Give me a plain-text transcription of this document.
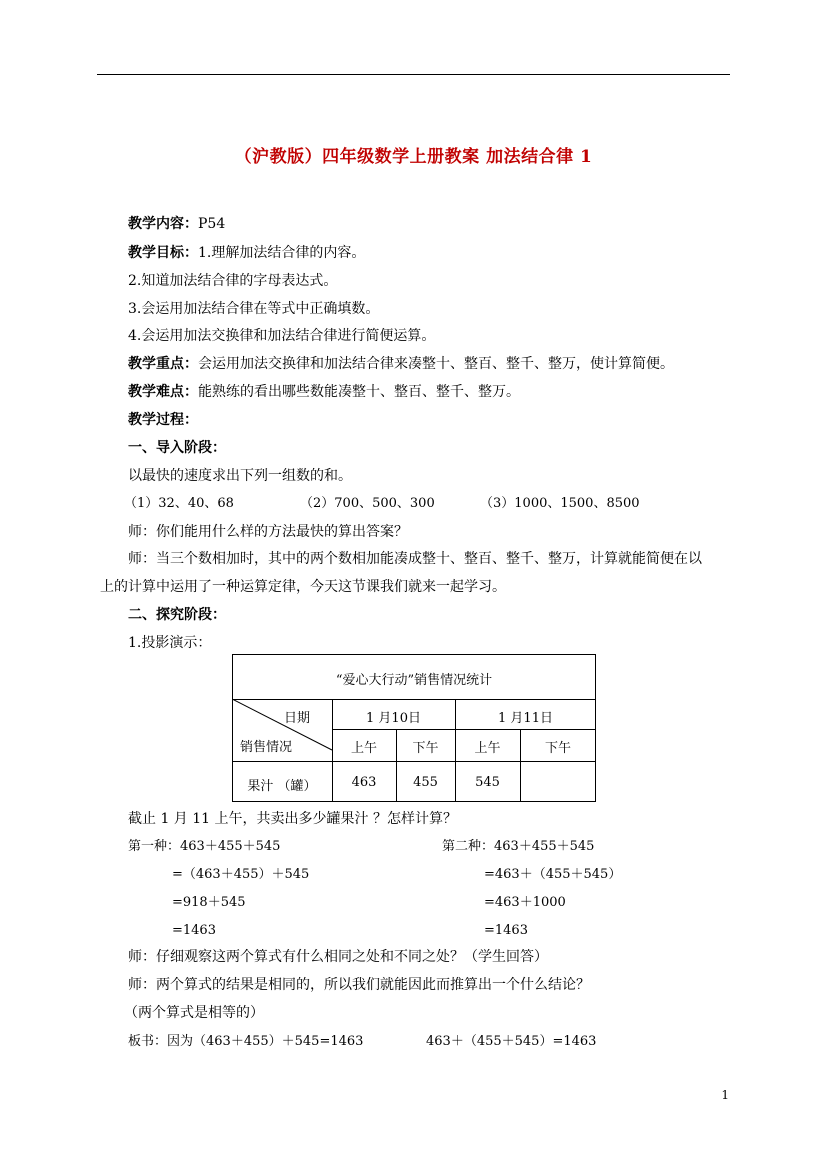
（沪教版）四年级数学上册教案 加法结合律 1
教学内容：P54
教学目标：1.理解加法结合律的内容。
2.知道加法结合律的字母表达式。
3.会运用加法结合律在等式中正确填数。
4.会运用加法交换律和加法结合律进行简便运算。
教学重点：会运用加法交换律和加法结合律来凑整十、整百、整千、整万，使计算简便。
教学难点：能熟练的看出哪些数能凑整十、整百、整千、整万。
教学过程：
一、导入阶段：
以最快的速度求出下列一组数的和。
（1）32、40、68	（2）700、500、300	（3）1000、1500、8500
师：你们能用什么样的方法最快的算出答案？
师：当三个数相加时，其中的两个数相加能凑成整十、整百、整千、整万，计算就能简便在以
上的计算中运用了一种运算定律，今天这节课我们就来一起学习。
二、探究阶段：
1.投影演示：
“爱心大行动”销售情况统计
日期
销售情况
1 月10日	1 月11日
上午	下午	上午	下午
果汁 （罐）	463	455	545
截止 1 月 11 上午，共卖出多少罐果汁 ？怎样计算？
第一种：463＋455＋545
=（463＋455）＋545
=918＋545
=1463
第二种：463＋455＋545
=463＋（455＋545）
=463＋1000
=1463
师：仔细观察这两个算式有什么相同之处和不同之处？（学生回答）
师：两个算式的结果是相同的，所以我们就能因此而推算出一个什么结论？
（两个算式是相等的）
板书：因为（463＋455）＋545=1463	463＋（455＋545）=1463
1
